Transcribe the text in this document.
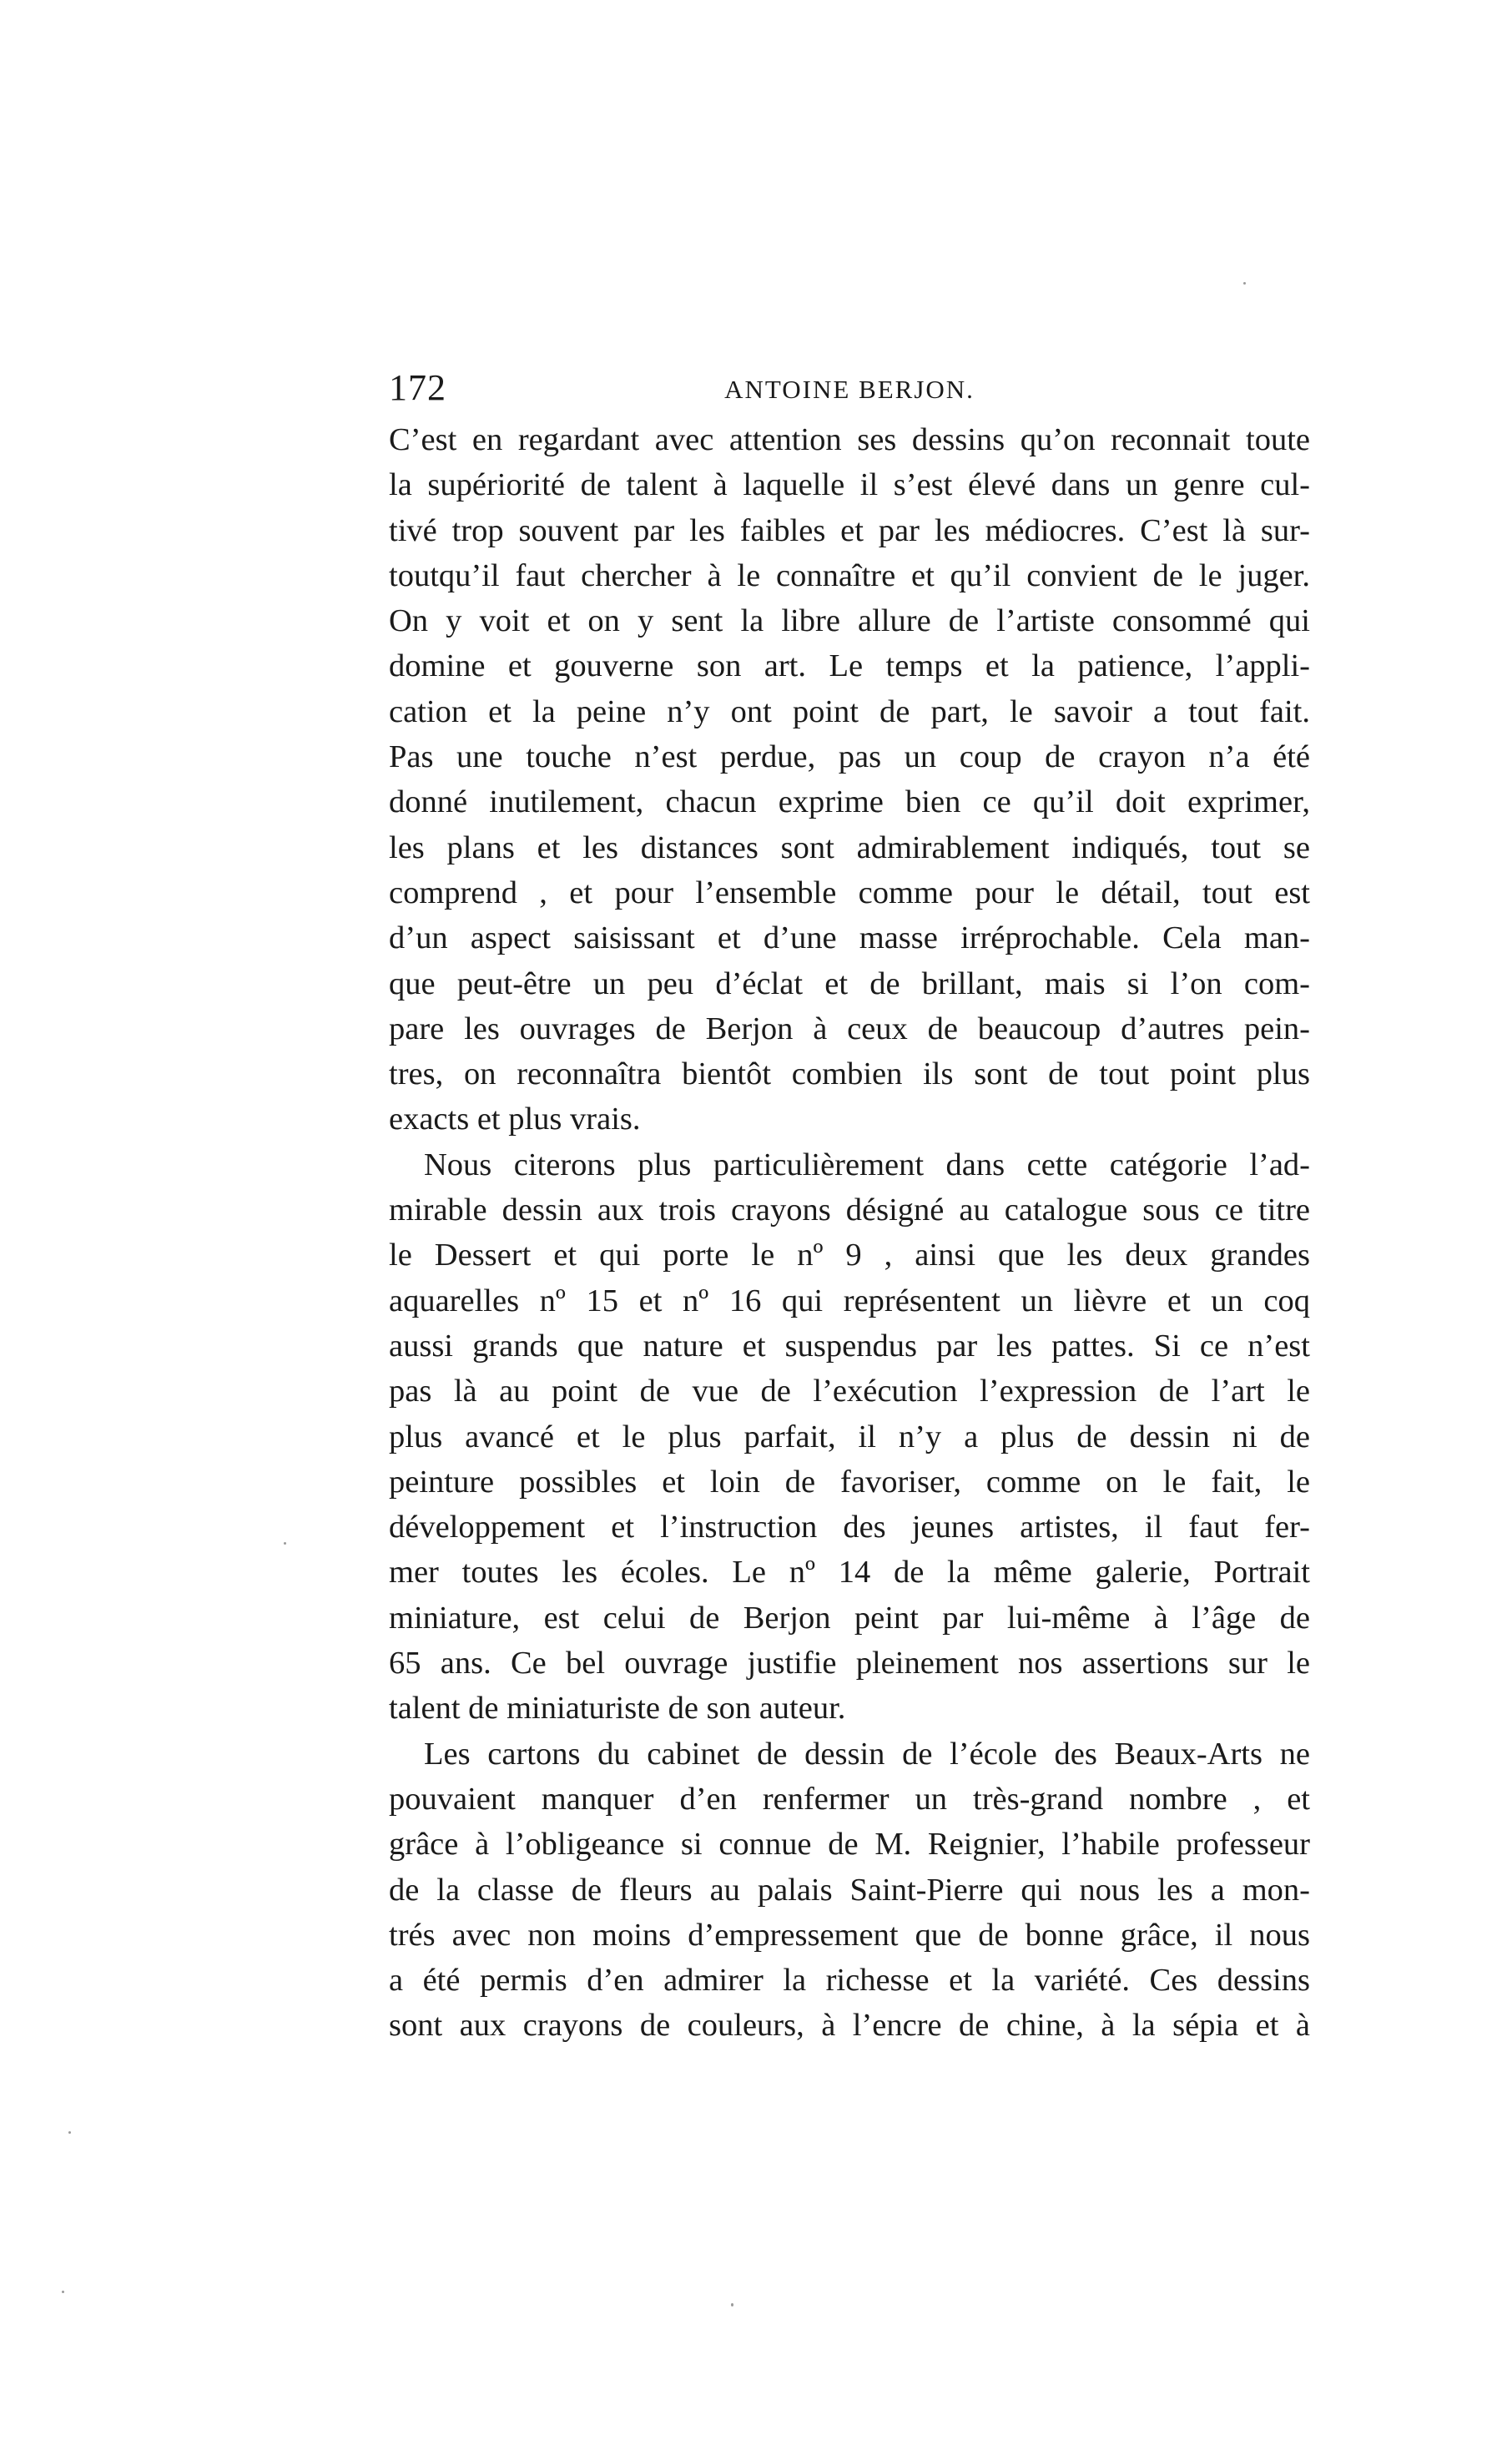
172	ANTOINE BERJON.
C’est en regardant avec attention ses dessins qu’on reconnait toute
la supériorité de talent à laquelle il s’est élevé dans un genre cul-
tivé trop souvent par les faibles et par les médiocres. C’est là sur-
toutqu’il faut chercher à le connaître et qu’il convient de le juger.
On y voit et on y sent la libre allure de l’artiste consommé qui
domine et gouverne son art. Le temps et la patience, l’appli-
cation et la peine n’y ont point de part, le savoir a tout fait.
Pas une touche n’est perdue, pas un coup de crayon n’a été
donné inutilement, chacun exprime bien ce qu’il doit exprimer,
les plans et les distances sont admirablement indiqués, tout se
comprend , et pour l’ensemble comme pour le détail, tout est
d’un aspect saisissant et d’une masse irréprochable. Cela man-
que peut-être un peu d’éclat et de brillant, mais si l’on com-
pare les ouvrages de Berjon à ceux de beaucoup d’autres pein-
tres, on reconnaîtra bientôt combien ils sont de tout point plus
exacts et plus vrais.
Nous citerons plus particulièrement dans cette catégorie l’ad-
mirable dessin aux trois crayons désigné au catalogue sous ce titre
le Dessert et qui porte le nº 9 , ainsi que les deux grandes
aquarelles nº 15 et nº 16 qui représentent un lièvre et un coq
aussi grands que nature et suspendus par les pattes. Si ce n’est
pas là au point de vue de l’exécution l’expression de l’art le
plus avancé et le plus parfait, il n’y a plus de dessin ni de
peinture possibles et loin de favoriser, comme on le fait, le
développement et l’instruction des jeunes artistes, il faut fer-
mer toutes les écoles. Le nº 14 de la même galerie, Portrait
miniature, est celui de Berjon peint par lui-même à l’âge de
65 ans. Ce bel ouvrage justifie pleinement nos assertions sur le
talent de miniaturiste de son auteur.
Les cartons du cabinet de dessin de l’école des Beaux-Arts ne
pouvaient manquer d’en renfermer un très-grand nombre , et
grâce à l’obligeance si connue de M. Reignier, l’habile professeur
de la classe de fleurs au palais Saint-Pierre qui nous les a mon-
trés avec non moins d’empressement que de bonne grâce, il nous
a été permis d’en admirer la richesse et la variété. Ces dessins
sont aux crayons de couleurs, à l’encre de chine, à la sépia et à
